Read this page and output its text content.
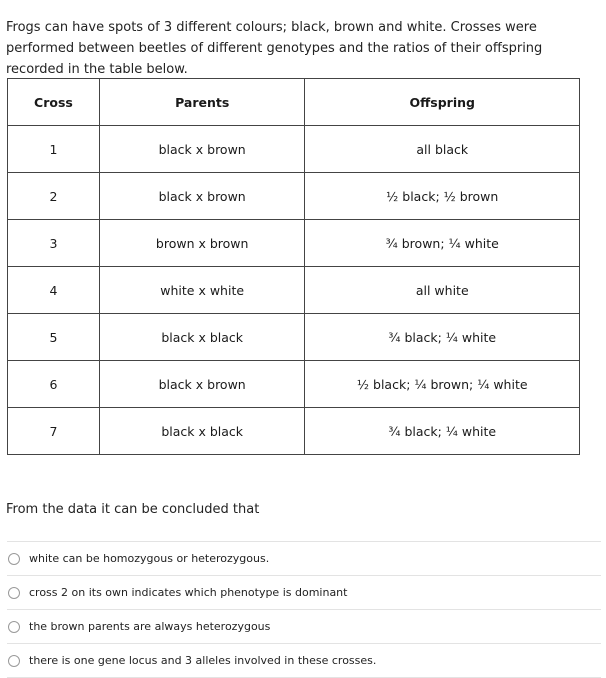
Frogs can have spots of 3 different colours; black, brown and white. Crosses were performed between beetles of different genotypes and the ratios of their offspring recorded in the table below.

Cross	Parents	Offspring
1	black x brown	all black
2	black x brown	½ black; ½ brown
3	brown x brown	¾ brown; ¼ white
4	white x white	all white
5	black x black	¾ black; ¼ white
6	black x brown	½ black; ¼ brown; ¼ white
7	black x black	¾ black; ¼ white
From the data it can be concluded that
white can be homozygous or heterozygous.
cross 2 on its own indicates which phenotype is dominant
the brown parents are always heterozygous
there is one gene locus and 3 alleles involved in these crosses.
